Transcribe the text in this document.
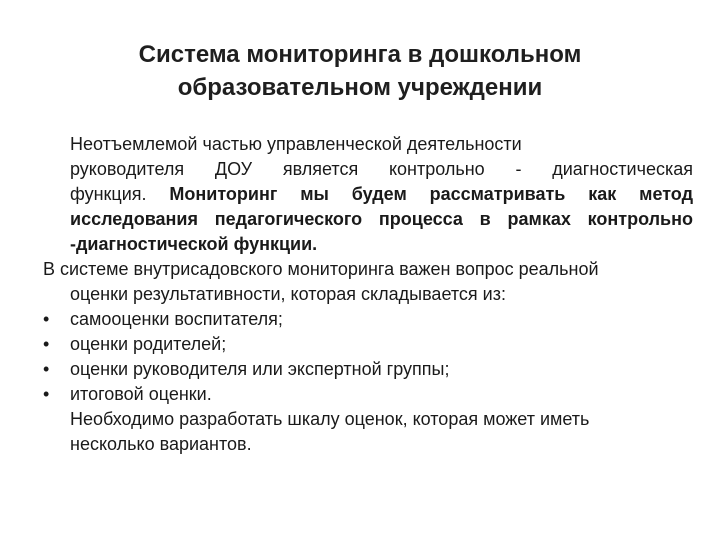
Система мониторинга в дошкольном
образовательном учреждении
Неотъемлемой частью управленческой деятельности
руководителя ДОУ является контрольно - диагностическая
функция. Мониторинг мы будем рассматривать как метод
исследования педагогического процесса в рамках контрольно
-диагностической функции.
В системе внутрисадовского мониторинга важен вопрос реальной
оценки результативности, которая складывается из:
•	самооценки воспитателя;
•	оценки родителей;
•	оценки руководителя или экспертной группы;
•	итоговой оценки.
Необходимо разработать шкалу оценок, которая может иметь
несколько вариантов.
